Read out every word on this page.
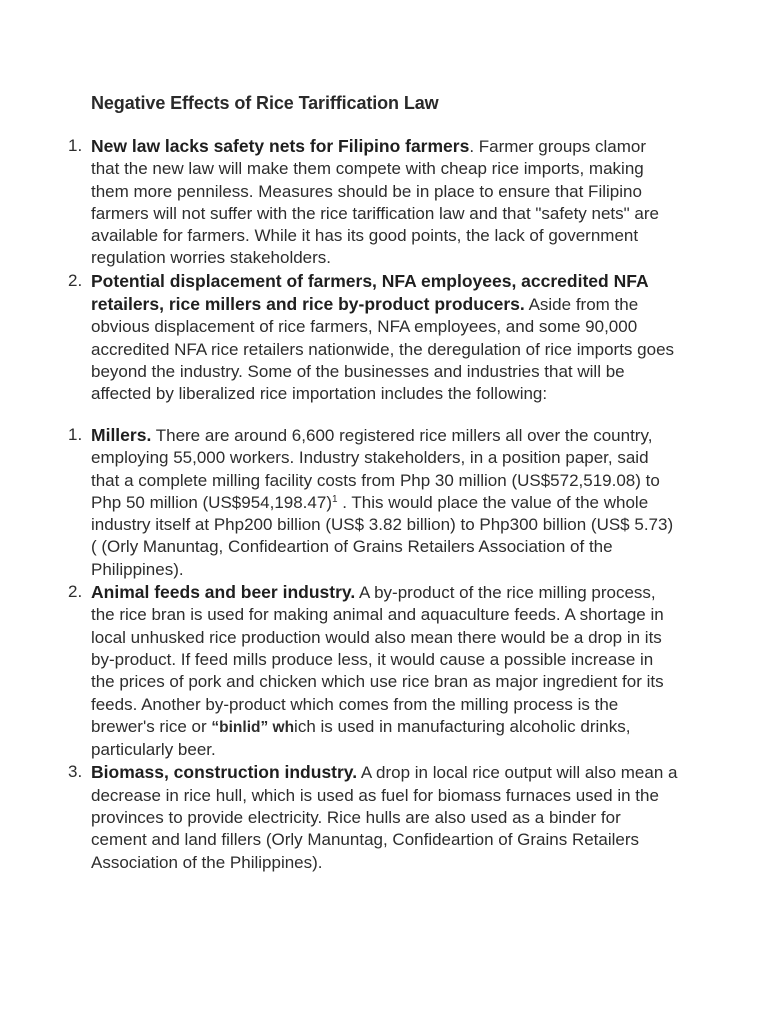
Negative Effects of Rice Tariffication Law
1. New law lacks safety nets for Filipino farmers. Farmer groups clamor that the new law will make them compete with cheap rice imports, making them more penniless. Measures should be in place to ensure that Filipino farmers will not suffer with the rice tariffication law and that "safety nets" are available for farmers. While it has its good points, the lack of government regulation worries stakeholders.
2. Potential displacement of farmers, NFA employees, accredited NFA retailers, rice millers and rice by-product producers. Aside from the obvious displacement of rice farmers, NFA employees, and some 90,000 accredited NFA rice retailers nationwide, the deregulation of rice imports goes beyond the industry. Some of the businesses and industries that will be affected by liberalized rice importation includes the following:
1. Millers. There are around 6,600 registered rice millers all over the country, employing 55,000 workers. Industry stakeholders, in a position paper, said that a complete milling facility costs from Php 30 million (US$572,519.08) to Php 50 million (US$954,198.47)$^1$ . This would place the value of the whole industry itself at Php200 billion (US$ 3.82 billion) to Php300 billion (US$ 5.73) ( (Orly Manuntag, Confideartion of Grains Retailers Association of the Philippines).
2. Animal feeds and beer industry. A by-product of the rice milling process, the rice bran is used for making animal and aquaculture feeds. A shortage in local unhusked rice production would also mean there would be a drop in its by-product. If feed mills produce less, it would cause a possible increase in the prices of pork and chicken which use rice bran as major ingredient for its feeds. Another by-product which comes from the milling process is the brewer's rice or “binlid” which is used in manufacturing alcoholic drinks, particularly beer.
3. Biomass, construction industry. A drop in local rice output will also mean a decrease in rice hull, which is used as fuel for biomass furnaces used in the provinces to provide electricity. Rice hulls are also used as a binder for cement and land fillers (Orly Manuntag, Confideartion of Grains Retailers Association of the Philippines).
